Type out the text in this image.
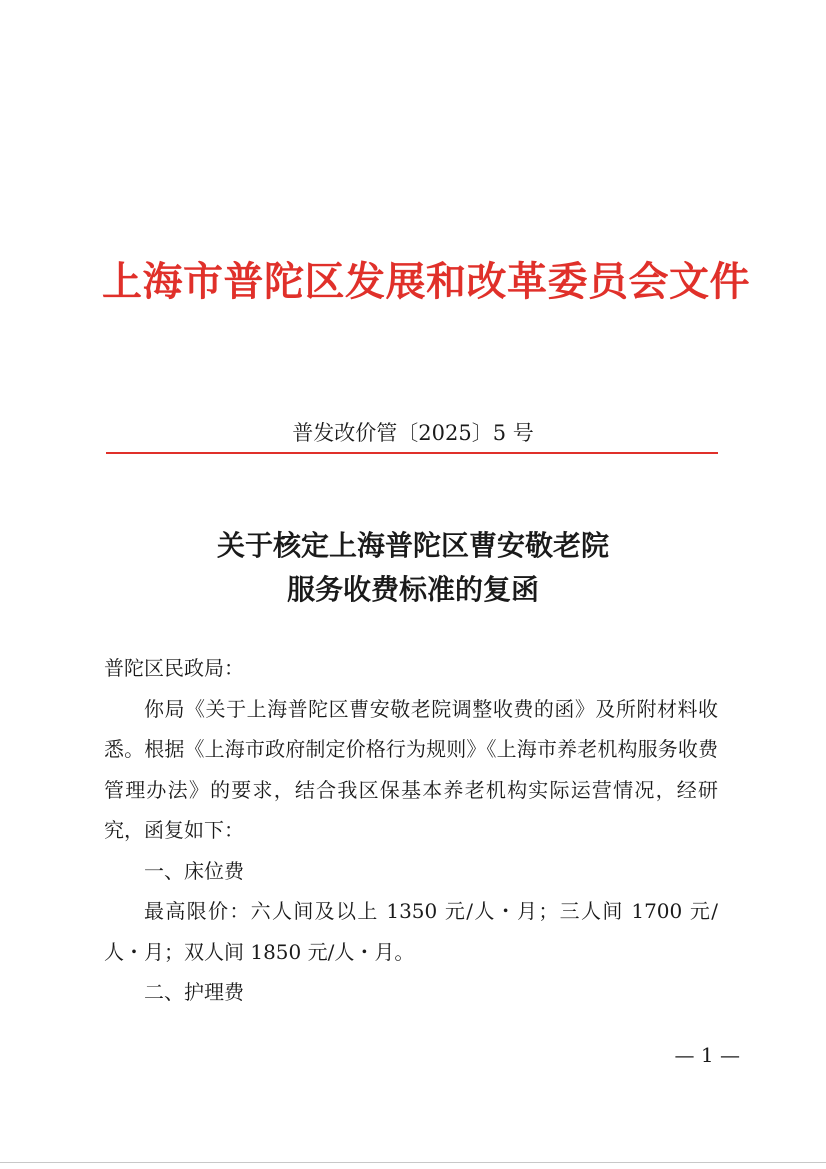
上海市普陀区发展和改革委员会文件
普发改价管〔2025〕5 号
关于核定上海普陀区曹安敬老院
服务收费标准的复函

普陀区民政局：

你局《关于上海普陀区曹安敬老院调整收费的函》及所附材料收悉。根据《上海市政府制定价格行为规则》《上海市养老机构服务收费管理办法》的要求，结合我区保基本养老机构实际运营情况，经研究，函复如下：

一、床位费

最高限价：六人间及以上 1350 元/人・月；三人间 1700 元/人・月；双人间 1850 元/人・月。

二、护理费

— 1 —
